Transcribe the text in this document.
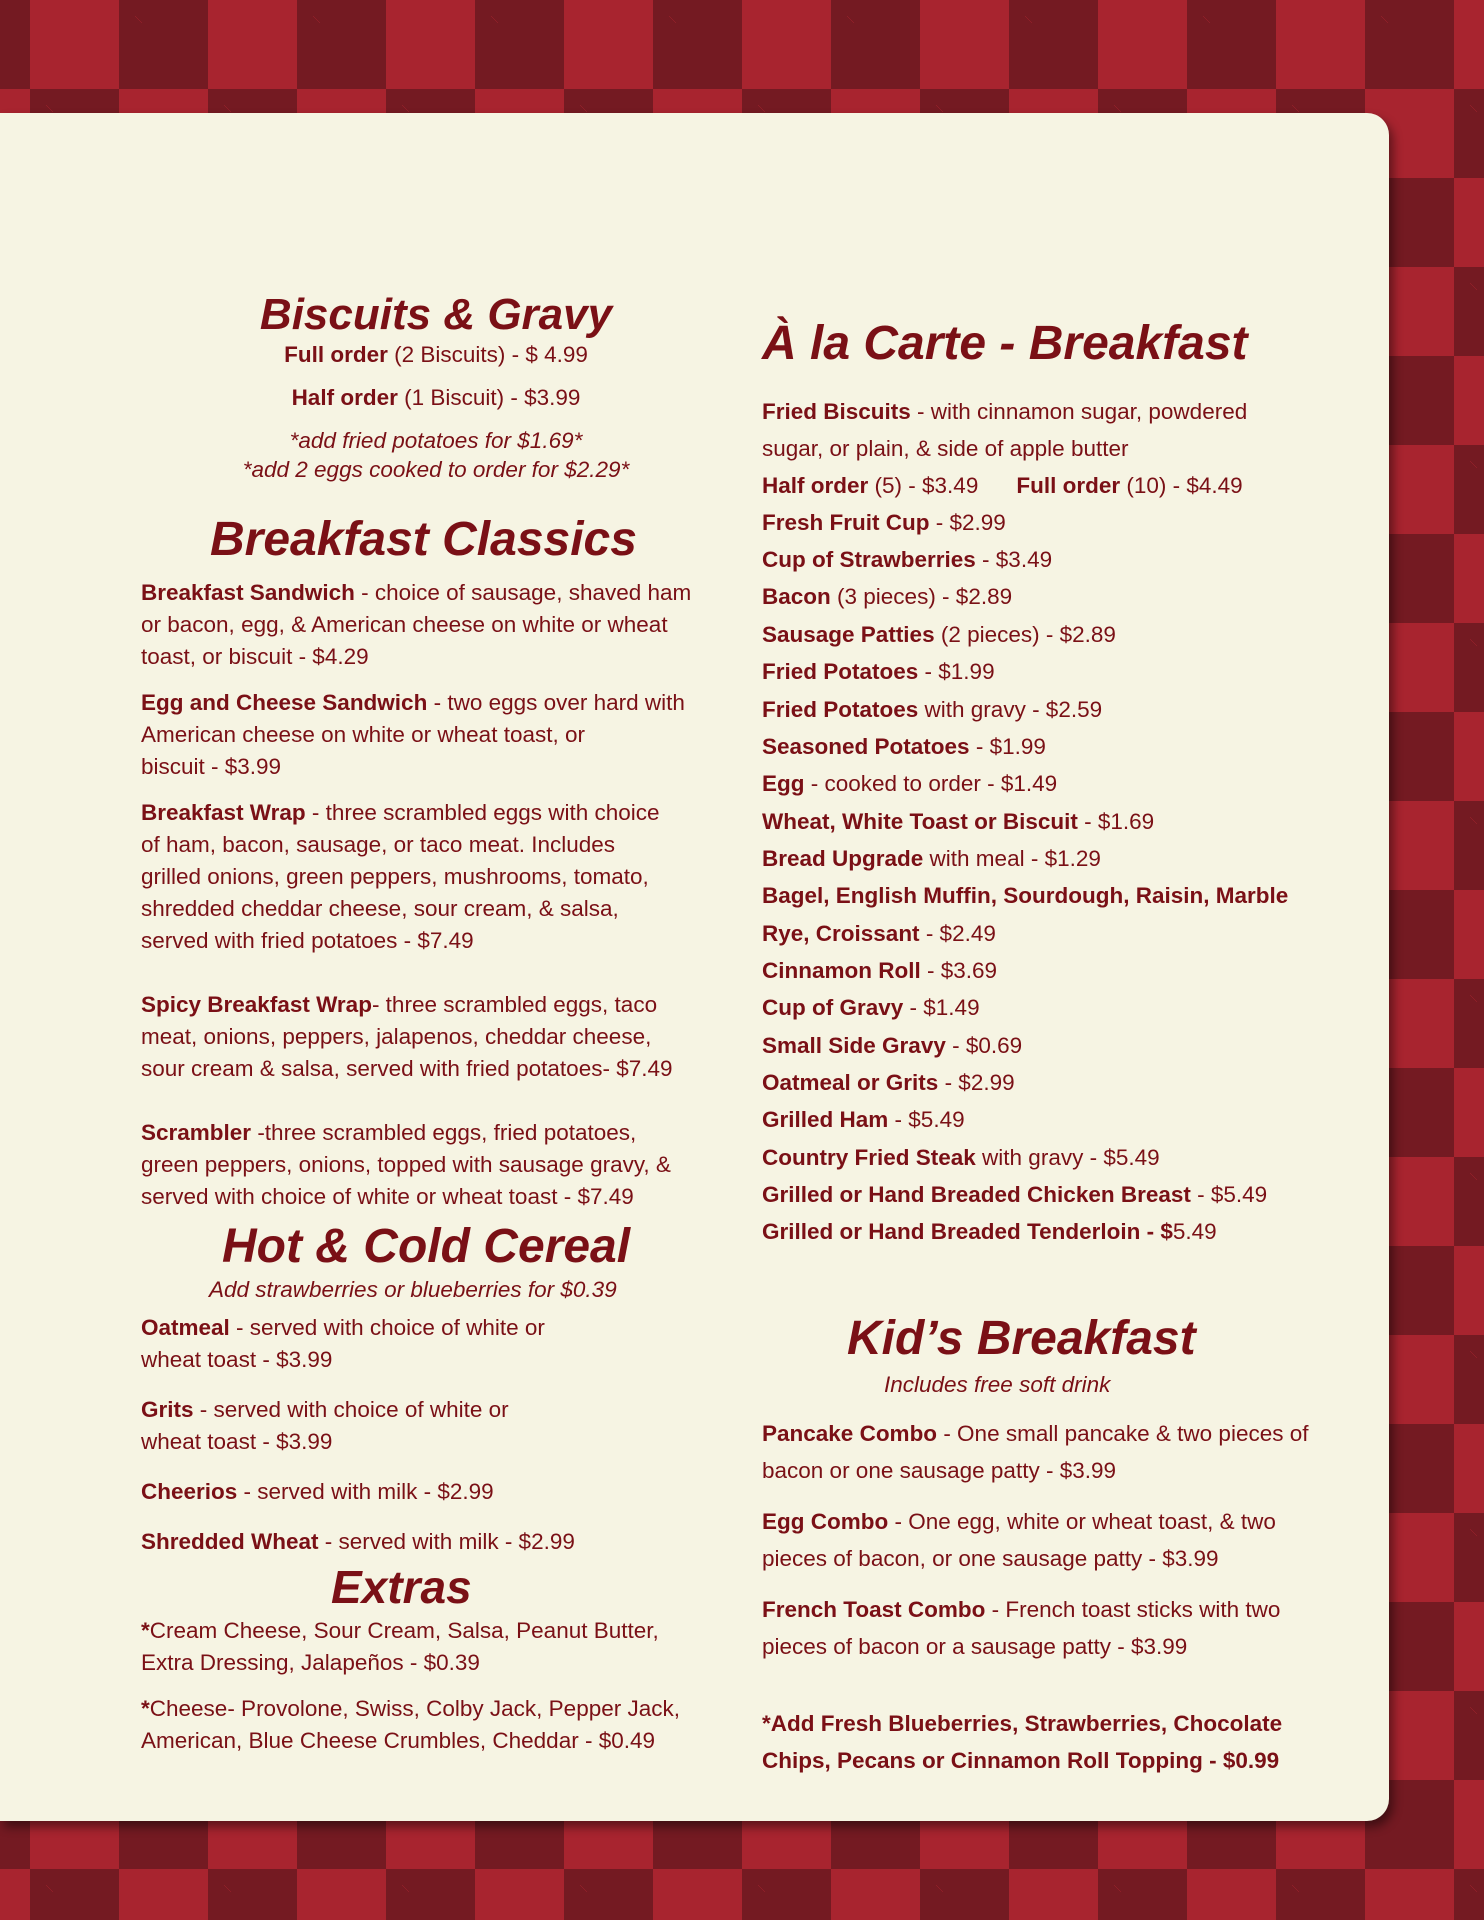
Biscuits & Gravy

Full order (2 Biscuits) - $ 4.99

Half order (1 Biscuit) - $3.99

*add fried potatoes for $1.69*

*add 2 eggs cooked to order for $2.29*

Breakfast Classics

Breakfast Sandwich - choice of sausage, shaved ham

or bacon, egg, & American cheese on white or wheat

toast, or biscuit - $4.29

Egg and Cheese Sandwich - two eggs over hard with

American cheese on white or wheat toast, or

biscuit - $3.99

Breakfast Wrap - three scrambled eggs with choice

of ham, bacon, sausage, or taco meat. Includes

grilled onions, green peppers, mushrooms, tomato,

shredded cheddar cheese, sour cream, & salsa,

served with fried potatoes - $7.49

Spicy Breakfast Wrap- three scrambled eggs, taco

meat, onions, peppers, jalapenos, cheddar cheese,

sour cream & salsa, served with fried potatoes- $7.49

Scrambler -three scrambled eggs, fried potatoes,

green peppers, onions, topped with sausage gravy, &

served with choice of white or wheat toast - $7.49

Hot & Cold Cereal

Add strawberries or blueberries for $0.39

Oatmeal - served with choice of white or

wheat toast - $3.99

Grits - served with choice of white or

wheat toast - $3.99

Cheerios - served with milk - $2.99

Shredded Wheat - served with milk - $2.99

Extras

*Cream Cheese, Sour Cream, Salsa, Peanut Butter,

Extra Dressing, Jalapeños - $0.39

*Cheese- Provolone, Swiss, Colby Jack, Pepper Jack,

American, Blue Cheese Crumbles, Cheddar - $0.49

À la Carte - Breakfast

Fried Biscuits - with cinnamon sugar, powdered

sugar, or plain, & side of apple butter

Half order (5) - $3.49 Full order (10) - $4.49

Fresh Fruit Cup - $2.99

Cup of Strawberries - $3.49

Bacon (3 pieces) - $2.89

Sausage Patties (2 pieces) - $2.89

Fried Potatoes - $1.99

Fried Potatoes with gravy - $2.59

Seasoned Potatoes - $1.99

Egg - cooked to order - $1.49

Wheat, White Toast or Biscuit - $1.69

Bread Upgrade with meal - $1.29

Bagel, English Muffin, Sourdough, Raisin, Marble

Rye, Croissant - $2.49

Cinnamon Roll - $3.69

Cup of Gravy - $1.49

Small Side Gravy - $0.69

Oatmeal or Grits - $2.99

Grilled Ham - $5.49

Country Fried Steak with gravy - $5.49

Grilled or Hand Breaded Chicken Breast - $5.49

Grilled or Hand Breaded Tenderloin - $5.49

Kid’s Breakfast

Includes free soft drink

Pancake Combo - One small pancake & two pieces of

bacon or one sausage patty - $3.99

Egg Combo - One egg, white or wheat toast, & two

pieces of bacon, or one sausage patty - $3.99

French Toast Combo - French toast sticks with two

pieces of bacon or a sausage patty - $3.99

*Add Fresh Blueberries, Strawberries, Chocolate

Chips, Pecans or Cinnamon Roll Topping - $0.99
